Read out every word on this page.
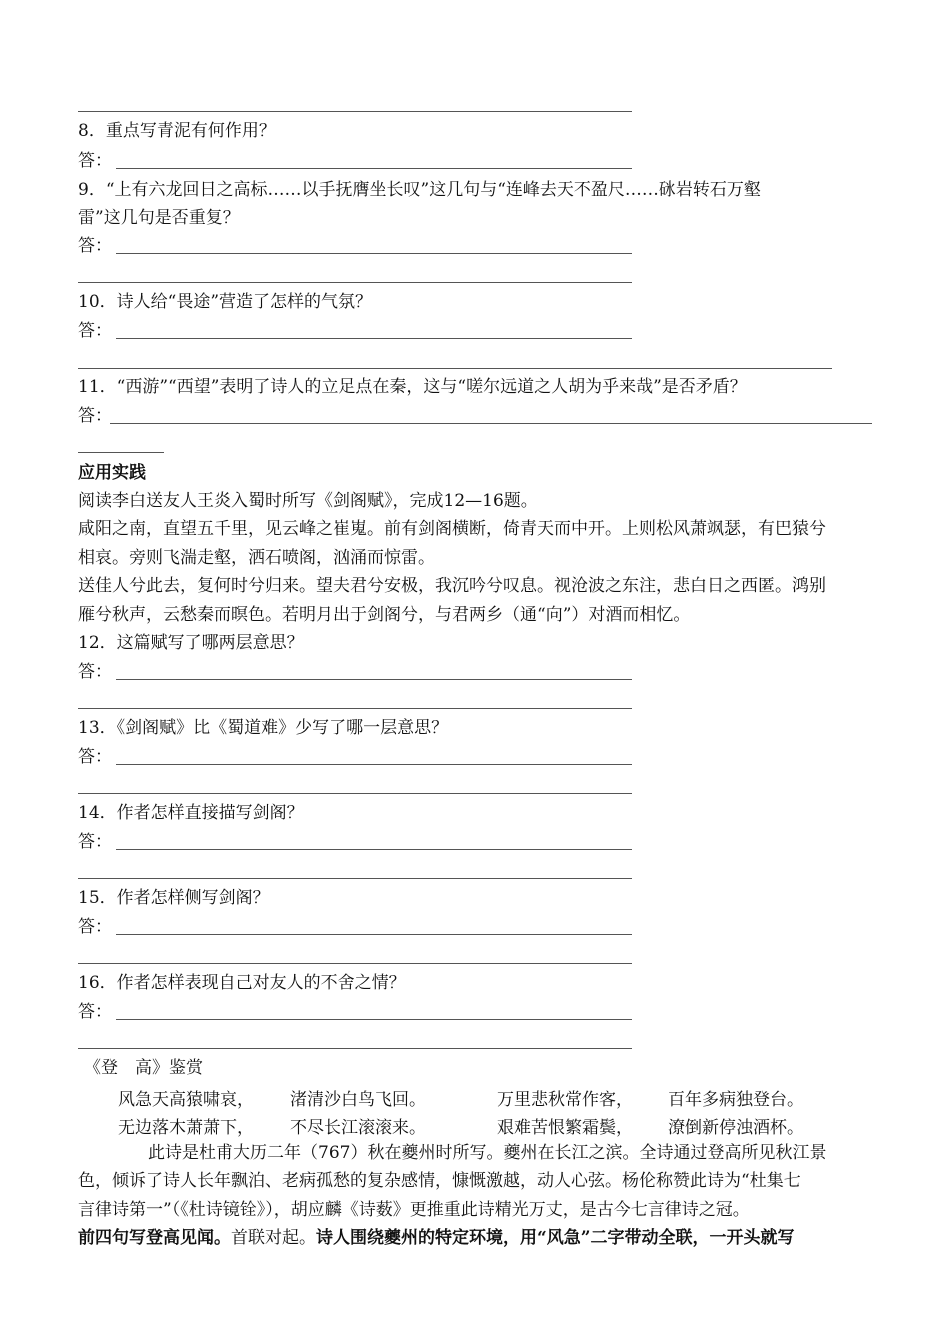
8．重点写青泥有何作用？
答：
9．“上有六龙回日之高标……以手抚膺坐长叹”这几句与“连峰去天不盈尺……砯岩转石万壑
雷”这几句是否重复？
答：
10．诗人给“畏途”营造了怎样的气氛？
答：
11．“西游”“西望”表明了诗人的立足点在秦，这与“嗟尔远道之人胡为乎来哉”是否矛盾？
答：
应用实践
阅读李白送友人王炎入蜀时所写《剑阁赋》，完成12—16题。
咸阳之南，直望五千里，见云峰之崔嵬。前有剑阁横断，倚青天而中开。上则松风萧飒瑟，有巴猿兮
相哀。旁则飞湍走壑，洒石喷阁，汹涌而惊雷。
送佳人兮此去，复何时兮归来。望夫君兮安极，我沉吟兮叹息。视沧波之东注，悲白日之西匿。鸿别
雁兮秋声，云愁秦而暝色。若明月出于剑阁兮，与君两乡（通“向”）对酒而相忆。
12．这篇赋写了哪两层意思？
答：
13．《剑阁赋》比《蜀道难》少写了哪一层意思？
答：
14．作者怎样直接描写剑阁？
答：
15．作者怎样侧写剑阁？
答：
16．作者怎样表现自己对友人的不舍之情？
答：
《登　高》鉴赏
风急天高猿啸哀， 渚清沙白鸟飞回。	万里悲秋常作客， 百年多病独登台。
无边落木萧萧下， 不尽长江滚滚来。	艰难苦恨繁霜鬓， 潦倒新停浊酒杯。
此诗是杜甫大历二年（767）秋在夔州时所写。夔州在长江之滨。全诗通过登高所见秋江景
色，倾诉了诗人长年飘泊、老病孤愁的复杂感情，慷慨激越，动人心弦。杨伦称赞此诗为“杜集七
言律诗第一”（《杜诗镜铨》），胡应麟《诗薮》更推重此诗精光万丈，是古今七言律诗之冠。
前四句写登高见闻。首联对起。诗人围绕夔州的特定环境，用“风急”二字带动全联，一开头就写
